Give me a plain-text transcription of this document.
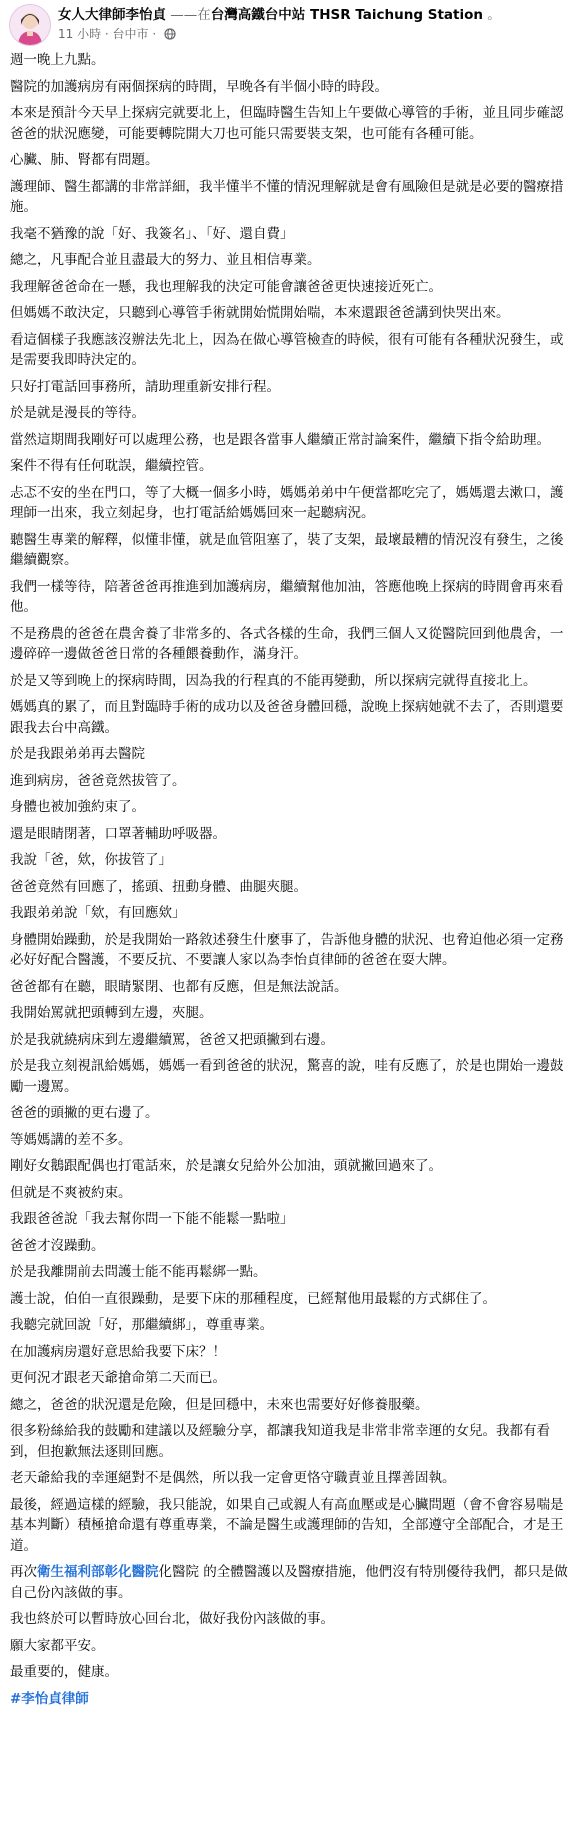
女人大律師李怡貞 ——在台灣高鐵台中站 THSR Taichung Station 。
11 小時 · 台中市 ·

週一晚上九點。

醫院的加護病房有兩個探病的時間，早晚各有半個小時的時段。

本來是預計今天早上探病完就要北上，但臨時醫生告知上午要做心導管的手術，並且同步確認爸爸的狀況應變，可能要轉院開大刀也可能只需要裝支架，也可能有各種可能。

心臟、肺、腎都有問題。

護理師、醫生都講的非常詳細，我半懂半不懂的情況理解就是會有風險但是就是必要的醫療措施。

我毫不猶豫的說「好、我簽名」、「好、還自費」

總之，凡事配合並且盡最大的努力、並且相信專業。

我理解爸爸命在一懸，我也理解我的決定可能會讓爸爸更快速接近死亡。

但媽媽不敢決定，只聽到心導管手術就開始慌開始喘，本來還跟爸爸講到快哭出來。

看這個樣子我應該沒辦法先北上，因為在做心導管檢查的時候，很有可能有各種狀況發生，或是需要我即時決定的。

只好打電話回事務所，請助理重新安排行程。

於是就是漫長的等待。

當然這期間我剛好可以處理公務，也是跟各當事人繼續正常討論案件，繼續下指令給助理。

案件不得有任何耽誤，繼續控管。

忐忑不安的坐在門口，等了大概一個多小時，媽媽弟弟中午便當都吃完了，媽媽還去漱口，護理師一出來，我立刻起身，也打電話給媽媽回來一起聽病況。

聽醫生專業的解釋，似懂非懂，就是血管阻塞了，裝了支架，最壞最糟的情況沒有發生，之後繼續觀察。

我們一樣等待，陪著爸爸再推進到加護病房，繼續幫他加油，答應他晚上探病的時間會再來看他。

不是務農的爸爸在農舍養了非常多的、各式各樣的生命，我們三個人又從醫院回到他農舍，一邊碎碎一邊做爸爸日常的各種餵養動作，滿身汗。

於是又等到晚上的探病時間，因為我的行程真的不能再變動，所以探病完就得直接北上。

媽媽真的累了，而且對臨時手術的成功以及爸爸身體回穩，說晚上探病她就不去了，否則還要跟我去台中高鐵。

於是我跟弟弟再去醫院

進到病房，爸爸竟然拔管了。

身體也被加強約束了。

還是眼睛閉著，口罩著輔助呼吸器。

我說「爸，欸，你拔管了」

爸爸竟然有回應了，搖頭、扭動身體、曲腿夾腿。

我跟弟弟說「欸，有回應欸」

身體開始躁動，於是我開始一路敘述發生什麼事了，告訴他身體的狀況、也脅迫他必須一定務必好好配合醫護，不要反抗、不要讓人家以為李怡貞律師的爸爸在耍大牌。

爸爸都有在聽，眼睛緊閉、也都有反應，但是無法說話。

我開始罵就把頭轉到左邊，夾腿。

於是我就繞病床到左邊繼續罵，爸爸又把頭撇到右邊。

於是我立刻視訊給媽媽，媽媽一看到爸爸的狀況，驚喜的說，哇有反應了，於是也開始一邊鼓勵一邊罵。

爸爸的頭撇的更右邊了。

等媽媽講的差不多。

剛好女鵝跟配偶也打電話來，於是讓女兒給外公加油，頭就撇回過來了。

但就是不爽被約束。

我跟爸爸說「我去幫你問一下能不能鬆一點啦」

爸爸才沒躁動。

於是我離開前去問護士能不能再鬆綁一點。

護士說，伯伯一直很躁動，是要下床的那種程度，已經幫他用最鬆的方式綁住了。

我聽完就回說「好，那繼續綁」，尊重專業。

在加護病房還好意思給我要下床？！

更何況才跟老天爺搶命第二天而已。

總之，爸爸的狀況還是危險，但是回穩中，未來也需要好好修養服藥。

很多粉絲給我的鼓勵和建議以及經驗分享，都讓我知道我是非常非常幸運的女兒。我都有看到，但抱歉無法逐則回應。

老天爺給我的幸運絕對不是偶然，所以我一定會更恪守職責並且擇善固執。

最後，經過這樣的經驗，我只能說，如果自己或親人有高血壓或是心臟問題（會不會容易喘是基本判斷）積極搶命還有尊重專業，不論是醫生或護理師的告知，全部遵守全部配合，才是王道。

再次衛生福利部彰化醫院化醫院 的全體醫護以及醫療措施，他們沒有特別優待我們，都只是做自己份內該做的事。

我也終於可以暫時放心回台北，做好我份內該做的事。

願大家都平安。

最重要的，健康。

#李怡貞律師
